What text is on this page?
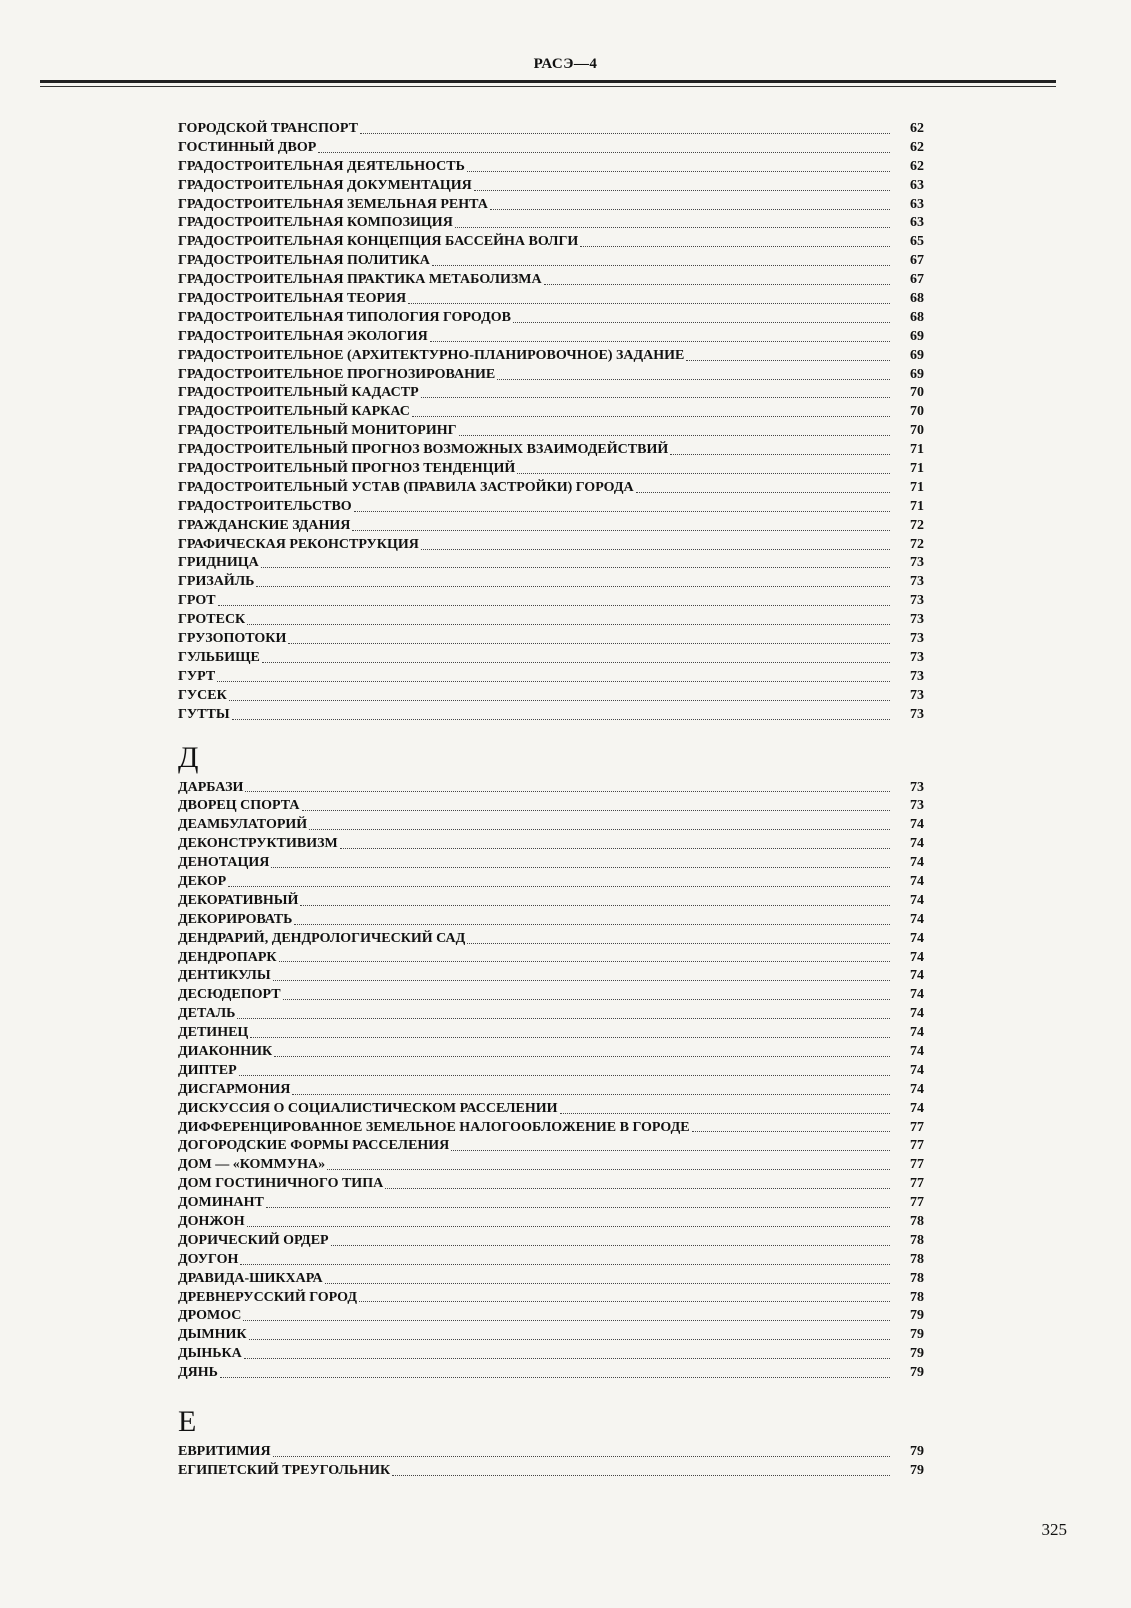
РАСЭ—4
ГОРОДСКОЙ ТРАНСПОРТ	62
ГОСТИННЫЙ ДВОР	62
ГРАДОСТРОИТЕЛЬНАЯ ДЕЯТЕЛЬНОСТЬ	62
ГРАДОСТРОИТЕЛЬНАЯ ДОКУМЕНТАЦИЯ	63
ГРАДОСТРОИТЕЛЬНАЯ ЗЕМЕЛЬНАЯ РЕНТА	63
ГРАДОСТРОИТЕЛЬНАЯ КОМПОЗИЦИЯ	63
ГРАДОСТРОИТЕЛЬНАЯ КОНЦЕПЦИЯ БАССЕЙНА ВОЛГИ	65
ГРАДОСТРОИТЕЛЬНАЯ ПОЛИТИКА	67
ГРАДОСТРОИТЕЛЬНАЯ ПРАКТИКА МЕТАБОЛИЗМА	67
ГРАДОСТРОИТЕЛЬНАЯ ТЕОРИЯ	68
ГРАДОСТРОИТЕЛЬНАЯ ТИПОЛОГИЯ ГОРОДОВ	68
ГРАДОСТРОИТЕЛЬНАЯ ЭКОЛОГИЯ	69
ГРАДОСТРОИТЕЛЬНОЕ (АРХИТЕКТУРНО-ПЛАНИРОВОЧНОЕ) ЗАДАНИЕ	69
ГРАДОСТРОИТЕЛЬНОЕ ПРОГНОЗИРОВАНИЕ	69
ГРАДОСТРОИТЕЛЬНЫЙ КАДАСТР	70
ГРАДОСТРОИТЕЛЬНЫЙ КАРКАС	70
ГРАДОСТРОИТЕЛЬНЫЙ МОНИТОРИНГ	70
ГРАДОСТРОИТЕЛЬНЫЙ ПРОГНОЗ ВОЗМОЖНЫХ ВЗАИМОДЕЙСТВИЙ	71
ГРАДОСТРОИТЕЛЬНЫЙ ПРОГНОЗ ТЕНДЕНЦИЙ	71
ГРАДОСТРОИТЕЛЬНЫЙ УСТАВ (ПРАВИЛА ЗАСТРОЙКИ) ГОРОДА	71
ГРАДОСТРОИТЕЛЬСТВО	71
ГРАЖДАНСКИЕ ЗДАНИЯ	72
ГРАФИЧЕСКАЯ РЕКОНСТРУКЦИЯ	72
ГРИДНИЦА	73
ГРИЗАЙЛЬ	73
ГРОТ	73
ГРОТЕСК	73
ГРУЗОПОТОКИ	73
ГУЛЬБИЩЕ	73
ГУРТ	73
ГУСЕК	73
ГУТТЫ	73
Д
ДАРБАЗИ	73
ДВОРЕЦ СПОРТА	73
ДЕАМБУЛАТОРИЙ	74
ДЕКОНСТРУКТИВИЗМ	74
ДЕНОТАЦИЯ	74
ДЕКОР	74
ДЕКОРАТИВНЫЙ	74
ДЕКОРИРОВАТЬ	74
ДЕНДРАРИЙ, ДЕНДРОЛОГИЧЕСКИЙ САД	74
ДЕНДРОПАРК	74
ДЕНТИКУЛЫ	74
ДЕСЮДЕПОРТ	74
ДЕТАЛЬ	74
ДЕТИНЕЦ	74
ДИАКОННИК	74
ДИПТЕР	74
ДИСГАРМОНИЯ	74
ДИСКУССИЯ О СОЦИАЛИСТИЧЕСКОМ РАССЕЛЕНИИ	74
ДИФФЕРЕНЦИРОВАННОЕ ЗЕМЕЛЬНОЕ НАЛОГООБЛОЖЕНИЕ В ГОРОДЕ	77
ДОГОРОДСКИЕ ФОРМЫ РАССЕЛЕНИЯ	77
ДОМ — «КОММУНА»	77
ДОМ ГОСТИНИЧНОГО ТИПА	77
ДОМИНАНТ	77
ДОНЖОН	78
ДОРИЧЕСКИЙ ОРДЕР	78
ДОУГОН	78
ДРАВИДА-ШИКХАРА	78
ДРЕВНЕРУССКИЙ ГОРОД	78
ДРОМОС	79
ДЫМНИК	79
ДЫНЬКА	79
ДЯНЬ	79
Е
ЕВРИТИМИЯ	79
ЕГИПЕТСКИЙ ТРЕУГОЛЬНИК	79
325
